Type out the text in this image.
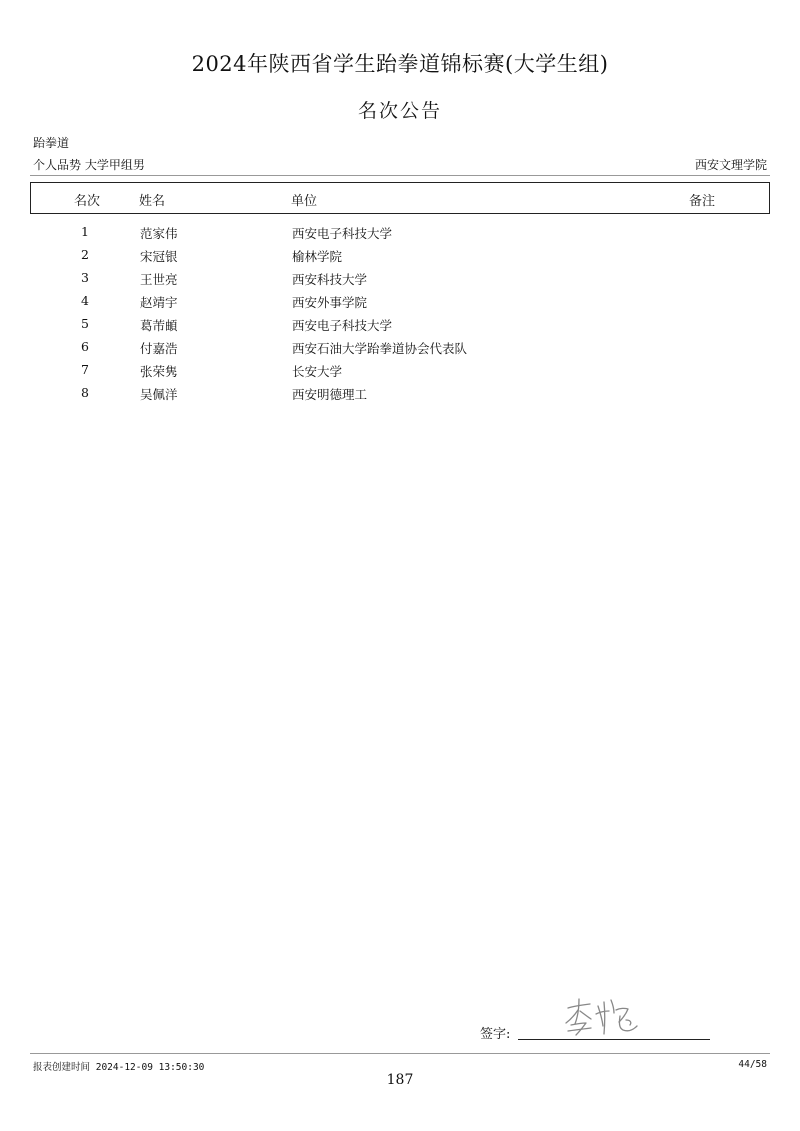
2024年陕西省学生跆拳道锦标赛(大学生组)
名次公告
跆拳道
个人品势 大学甲组男	西安文理学院
名次	姓名	单位	备注
1	范家伟	西安电子科技大学
2	宋冠银	榆林学院
3	王世亮	西安科技大学
4	赵靖宇	西安外事学院
5	葛芾頔	西安电子科技大学
6	付嘉浩	西安石油大学跆拳道协会代表队
7	张荣隽	长安大学
8	吴佩洋	西安明德理工
签字:
报表创建时间 2024-12-09 13:50:30	44/58
187
